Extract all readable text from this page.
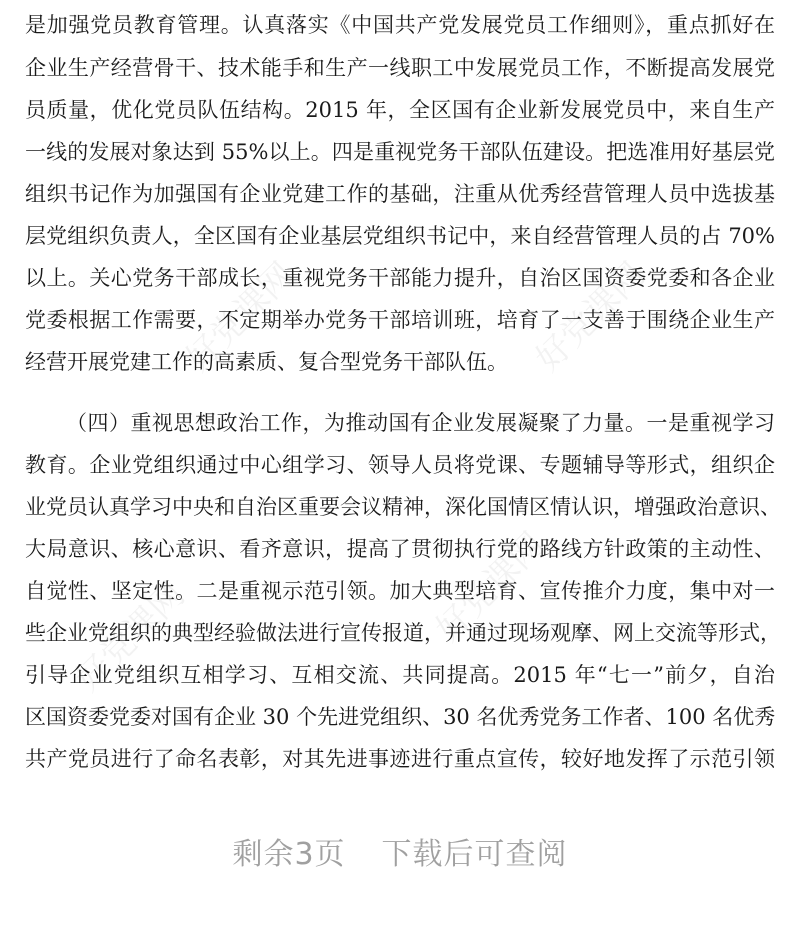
好党课网	好党课网
好党课网	好党课网
是加强党员教育管理。认真落实《中国共产党发展党员工作细则》，重点抓好在
企业生产经营骨干、技术能手和生产一线职工中发展党员工作，不断提高发展党
员质量，优化党员队伍结构。2015 年，全区国有企业新发展党员中，来自生产
一线的发展对象达到 55%以上。四是重视党务干部队伍建设。把选准用好基层党
组织书记作为加强国有企业党建工作的基础，注重从优秀经营管理人员中选拔基
层党组织负责人，全区国有企业基层党组织书记中，来自经营管理人员的占 70%
以上。关心党务干部成长，重视党务干部能力提升，自治区国资委党委和各企业
党委根据工作需要，不定期举办党务干部培训班，培育了一支善于围绕企业生产
经营开展党建工作的高素质、复合型党务干部队伍。
（四）重视思想政治工作，为推动国有企业发展凝聚了力量。一是重视学习
教育。企业党组织通过中心组学习、领导人员将党课、专题辅导等形式，组织企
业党员认真学习中央和自治区重要会议精神，深化国情区情认识，增强政治意识、
大局意识、核心意识、看齐意识，提高了贯彻执行党的路线方针政策的主动性、
自觉性、坚定性。二是重视示范引领。加大典型培育、宣传推介力度，集中对一
些企业党组织的典型经验做法进行宣传报道，并通过现场观摩、网上交流等形式，
引导企业党组织互相学习、互相交流、共同提高。2015 年“七一”前夕，自治
区国资委党委对国有企业 30 个先进党组织、30 名优秀党务工作者、100 名优秀
共产党员进行了命名表彰，对其先进事迹进行重点宣传，较好地发挥了示范引领
剩余3页 下载后可查阅
